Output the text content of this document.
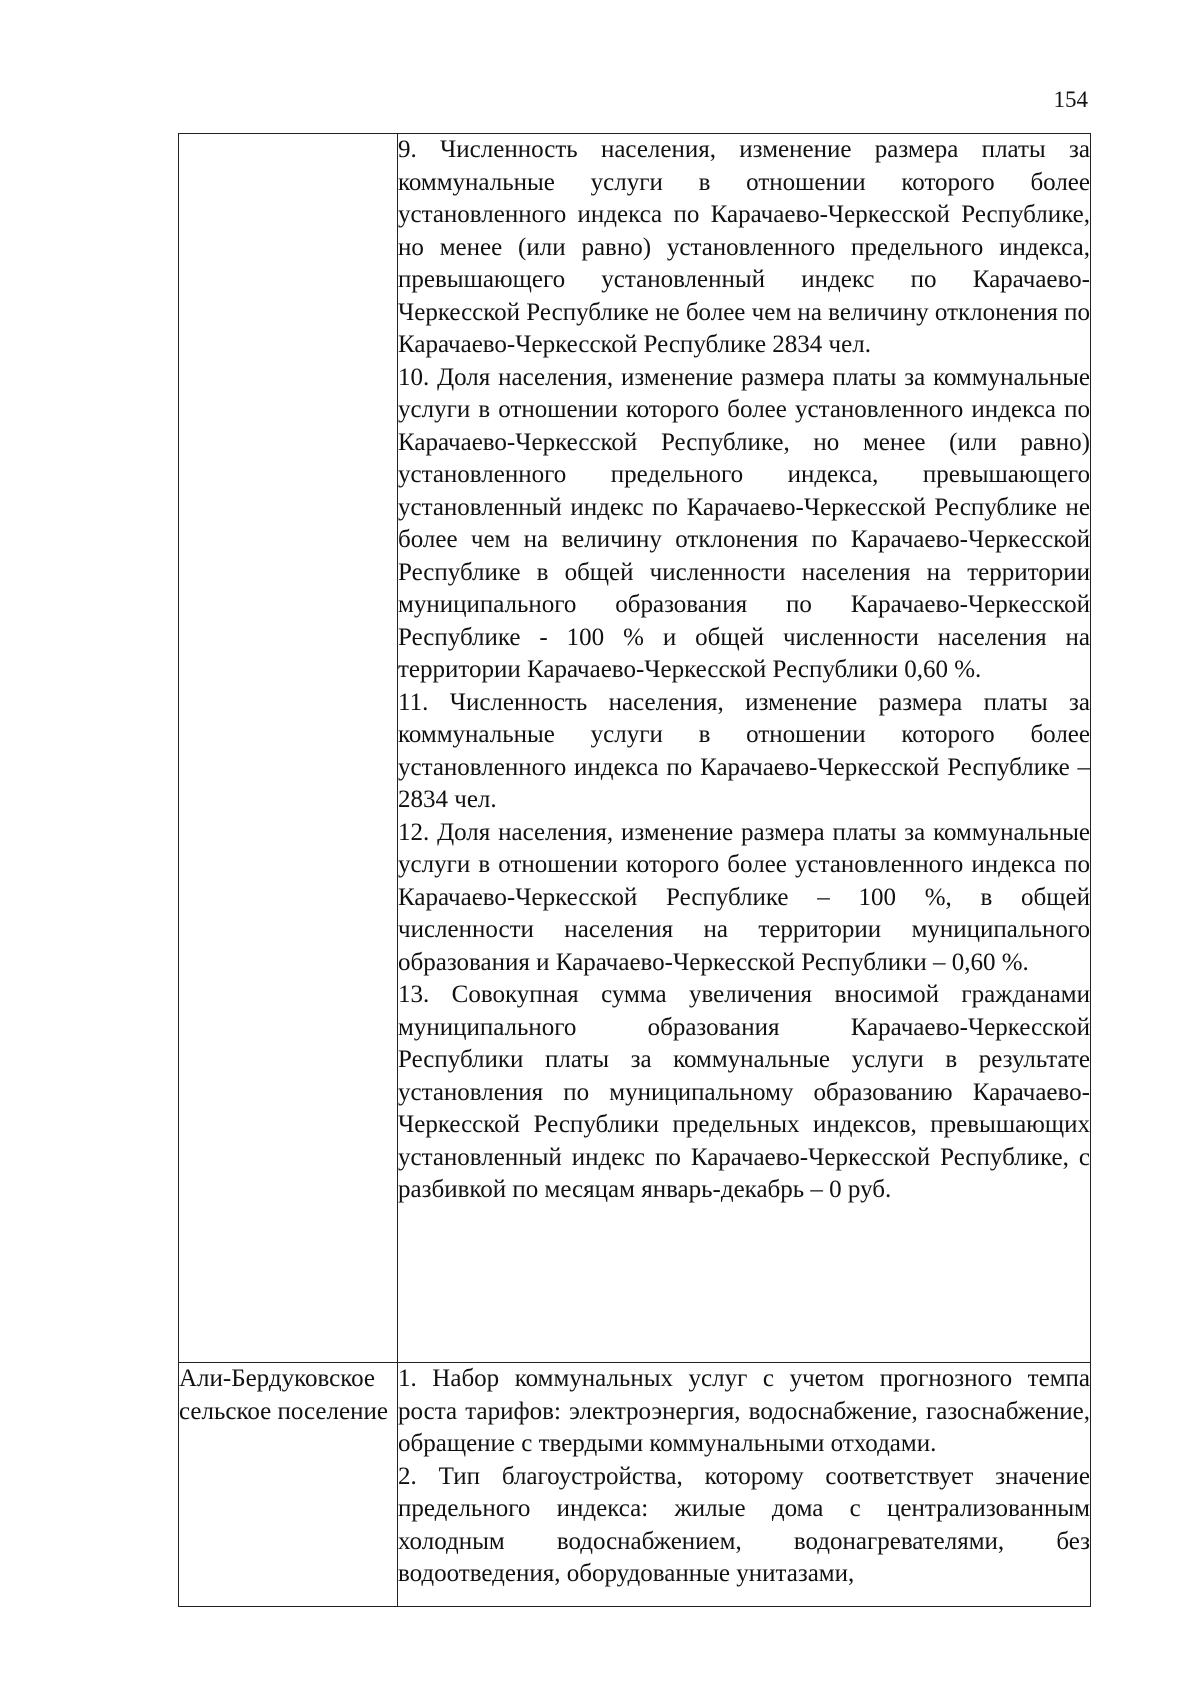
154

	9. Численность населения, изменение размера платы за коммунальные услуги в отношении которого более установленного индекса по Карачаево-Черкесской Республике, но менее (или равно) установленного предельного индекса, превышающего установленный индекс по Карачаево-Черкесской Республике не более чем на величину отклонения по Карачаево-Черкесской Республике 2834 чел.

10. Доля населения, изменение размера платы за коммунальные услуги в отношении которого более установленного индекса по Карачаево-Черкесской Республике, но менее (или равно) установленного предельного индекса, превышающего установленный индекс по Карачаево-Черкесской Республике не более чем на величину отклонения по Карачаево-Черкесской Республике в общей численности населения на территории муниципального образования по Карачаево-Черкесской Республике - 100 % и общей численности населения на территории Карачаево-Черкесской Республики 0,60 %.

11. Численность населения, изменение размера платы за коммунальные услуги в отношении которого более установленного индекса по Карачаево-Черкесской Республике – 2834 чел.

12. Доля населения, изменение размера платы за коммунальные услуги в отношении которого более установленного индекса по Карачаево-Черкесской Республике – 100 %, в общей численности населения на территории муниципального образования и Карачаево-Черкесской Республики – 0,60 %.

13. Совокупная сумма увеличения вносимой гражданами муниципального образования Карачаево-Черкесской Республики платы за коммунальные услуги в результате установления по муниципальному образованию Карачаево-Черкесской Республики предельных индексов, превышающих установленный индекс по Карачаево-Черкесской Республике, с разбивкой по месяцам январь-декабрь – 0 руб.

Али-Бердуковское сельское поселение	1. Набор коммунальных услуг с учетом прогнозного темпа роста тарифов: электроэнергия, водоснабжение, газоснабжение, обращение с твердыми коммунальными отходами.

2. Тип благоустройства, которому соответствует значение предельного индекса: жилые дома с централизованным холодным водоснабжением, водонагревателями, без водоотведения, оборудованные унитазами,
